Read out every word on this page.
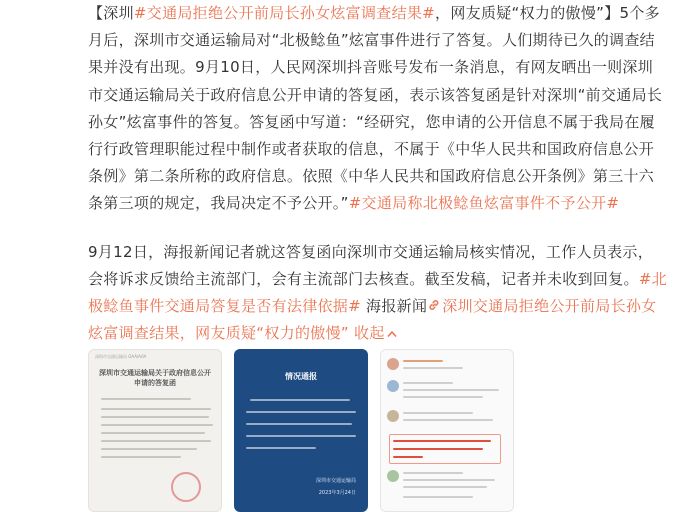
【深圳#交通局拒绝公开前局长孙女炫富调查结果#，网友质疑“权力的傲慢”】5个多月后，深圳市交通运输局对“北极鲶鱼”炫富事件进行了答复。人们期待已久的调查结果并没有出现。9月10日，人民网深圳抖音账号发布一条消息，有网友晒出一则深圳市交通运输局关于政府信息公开申请的答复函，表示该答复函是针对深圳“前交通局长孙女”炫富事件的答复。答复函中写道：“经研究，您申请的公开信息不属于我局在履行行政管理职能过程中制作或者获取的信息，不属于《中华人民共和国政府信息公开条例》第二条所称的政府信息。依照《中华人民共和国政府信息公开条例》第三十六条第三项的规定，我局决定不予公开。”#交通局称北极鲶鱼炫富事件不予公开#

9月12日，海报新闻记者就这答复函向深圳市交通运输局核实情况，工作人员表示，会将诉求反馈给主流部门，会有主流部门去核查。截至发稿，记者并未收到回复。#北极鲶鱼事件交通局答复是否有法律依据# 海报新闻 深圳交通局拒绝公开前局长孙女炫富调查结果，网友质疑“权力的傲慢” 收起

深圳市交通运输局 OAA/A/IA
深圳市交通运输局关于政府信息公开申请的答复函
情况通报
深圳市交通运输局
2023年3月24日
